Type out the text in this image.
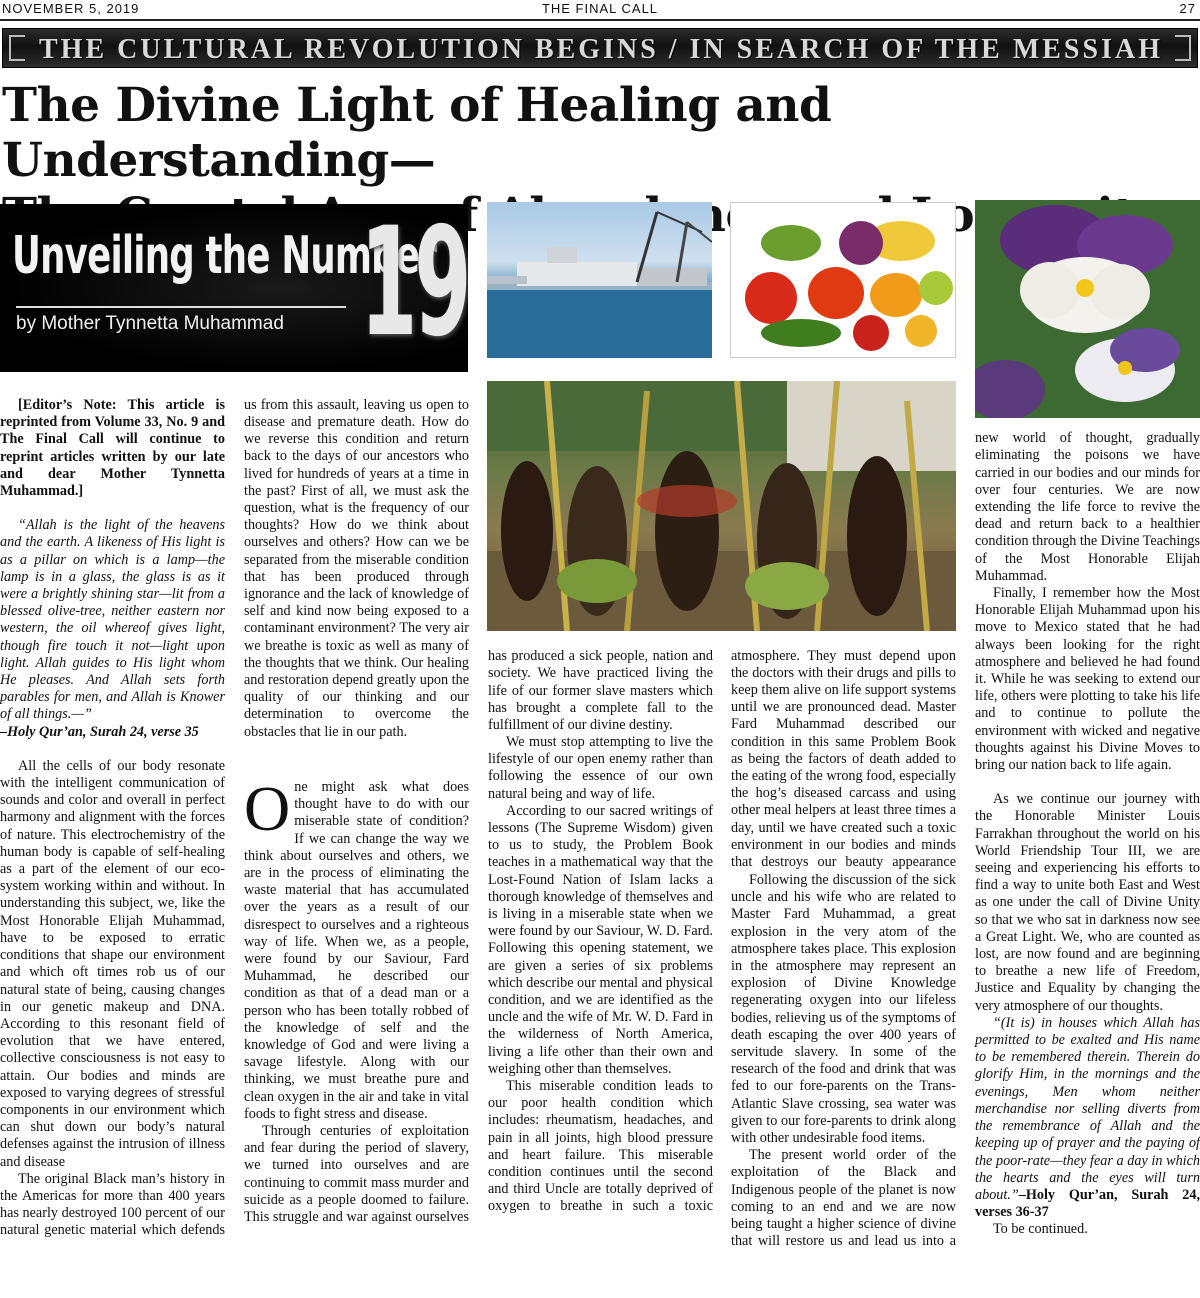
NOVEMBER 5, 2019	THE FINAL CALL	27
THE CULTURAL REVOLUTION BEGINS / IN SEARCH OF THE MESSIAH
The Divine Light of Healing and Understanding—
Unveiling the Number
by Mother Tynnetta Muhammad 19

[Editor’s Note: This article is reprinted from Volume 33, No. 9 and The Final Call will continue to reprint articles written by our late and dear Mother Tynnetta Muhammad.]

“Allah is the light of the heavens and the earth. A likeness of His light is as a pillar on which is a lamp—the lamp is in a glass, the glass is as it were a brightly shining star—lit from a blessed olive-tree, neither eastern nor western, the oil whereof gives light, though fire touch it not—light upon light. Allah guides to His light whom He pleases. And Allah sets forth parables for men, and Allah is Knower of all things.—”

–Holy Qur’an, Surah 24, verse 35

All the cells of our body resonate with the intelligent communication of sounds and color and overall in perfect harmony and alignment with the forces of nature. This electrochemistry of the human body is capable of self-healing as a part of the element of our eco-system working within and without. In understanding this subject, we, like the Most Honorable Elijah Muhammad, have to be exposed to erratic conditions that shape our environment and which oft times rob us of our natural state of being, causing changes in our genetic makeup and DNA. According to this resonant field of evolution that we have entered, collective consciousness is not easy to attain. Our bodies and minds are exposed to varying degrees of stressful components in our environment which can shut down our body’s natural defenses against the intrusion of illness and disease

The original Black man’s history in the Americas for more than 400 years has nearly destroyed 100 percent of our natural genetic material which defends

us from this assault, leaving us open to disease and premature death. How do we reverse this condition and return back to the days of our ancestors who lived for hundreds of years at a time in the past? First of all, we must ask the question, what is the frequency of our thoughts? How do we think about ourselves and others? How can we be separated from the miserable condition that has been produced through ignorance and the lack of knowledge of self and kind now being exposed to a contaminant environment? The very air we breathe is toxic as well as many of the thoughts that we think. Our healing and restoration depend greatly upon the quality of our thinking and our determination to overcome the obstacles that lie in our path.

One might ask what does thought have to do with our miserable state of condition? If we can change the way we think about ourselves and others, we are in the process of eliminating the waste material that has accumulated over the years as a result of our disrespect to ourselves and a righteous way of life. When we, as a people, were found by our Saviour, Fard Muhammad, he described our condition as that of a dead man or a person who has been totally robbed of the knowledge of self and the knowledge of God and were living a savage lifestyle. Along with our thinking, we must breathe pure and clean oxygen in the air and take in vital foods to fight stress and disease.

Through centuries of exploitation and fear during the period of slavery, we turned into ourselves and are continuing to commit mass murder and suicide as a people doomed to failure. This struggle and war against ourselves

has produced a sick people, nation and society. We have practiced living the life of our former slave masters which has brought a complete fall to the fulfillment of our divine destiny.

We must stop attempting to live the lifestyle of our open enemy rather than following the essence of our own natural being and way of life.

According to our sacred writings of lessons (The Supreme Wisdom) given to us to study, the Problem Book teaches in a mathematical way that the Lost-Found Nation of Islam lacks a thorough knowledge of themselves and is living in a miserable state when we were found by our Saviour, W. D. Fard. Following this opening statement, we are given a series of six problems which describe our mental and physical condition, and we are identified as the uncle and the wife of Mr. W. D. Fard in the wilderness of North America, living a life other than their own and weighing other than themselves.

This miserable condition leads to our poor health condition which includes: rheumatism, headaches, and pain in all joints, high blood pressure and heart failure. This miserable condition continues until the second and third Uncle are totally deprived of oxygen to breathe in such a toxic

atmosphere. They must depend upon the doctors with their drugs and pills to keep them alive on life support systems until we are pronounced dead. Master Fard Muhammad described our condition in this same Problem Book as being the factors of death added to the eating of the wrong food, especially the hog’s diseased carcass and using other meal helpers at least three times a day, until we have created such a toxic environment in our bodies and minds that destroys our beauty appearance

Following the discussion of the sick uncle and his wife who are related to Master Fard Muhammad, a great explosion in the very atom of the atmosphere takes place. This explosion in the atmosphere may represent an explosion of Divine Knowledge regenerating oxygen into our lifeless bodies, relieving us of the symptoms of death escaping the over 400 years of servitude slavery. In some of the research of the food and drink that was fed to our fore-parents on the Trans-Atlantic Slave crossing, sea water was given to our fore-parents to drink along with other undesirable food items.

The present world order of the exploitation of the Black and Indigenous people of the planet is now coming to an end and we are now being taught a higher science of divine that will restore us and lead us into a

new world of thought, gradually eliminating the poisons we have carried in our bodies and our minds for over four centuries. We are now extending the life force to revive the dead and return back to a healthier condition through the Divine Teachings of the Most Honorable Elijah Muhammad.

Finally, I remember how the Most Honorable Elijah Muhammad upon his move to Mexico stated that he had always been looking for the right atmosphere and believed he had found it. While he was seeking to extend our life, others were plotting to take his life and to continue to pollute the environment with wicked and negative thoughts against his Divine Moves to bring our nation back to life again.

As we continue our journey with the Honorable Minister Louis Farrakhan throughout the world on his World Friendship Tour III, we are seeing and experiencing his efforts to find a way to unite both East and West as one under the call of Divine Unity so that we who sat in darkness now see a Great Light. We, who are counted as lost, are now found and are beginning to breathe a new life of Freedom, Justice and Equality by changing the very atmosphere of our thoughts.

“(It is) in houses which Allah has permitted to be exalted and His name to be remembered therein. Therein do glorify Him, in the mornings and the evenings, Men whom neither merchandise nor selling diverts from the remembrance of Allah and the keeping up of prayer and the paying of the poor-rate—they fear a day in which the hearts and the eyes will turn about.”–Holy Qur’an, Surah 24, verses 36-37

To be continued.
